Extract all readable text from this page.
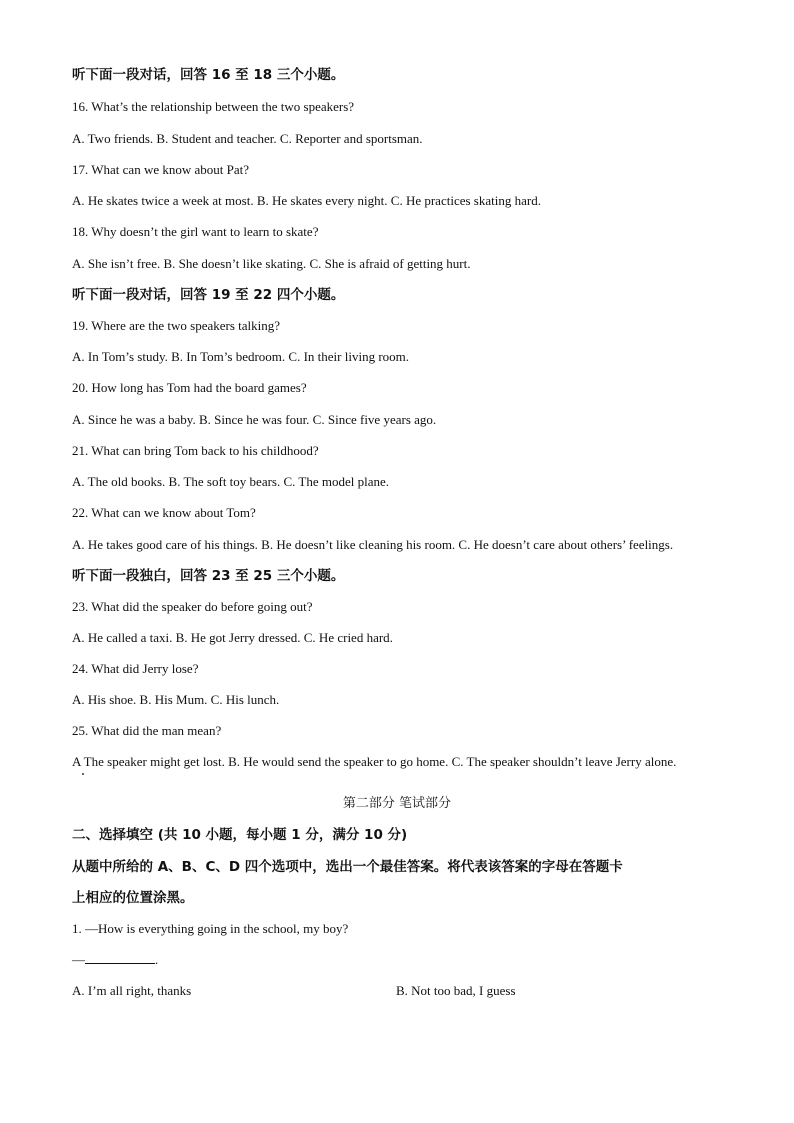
听下面一段对话，回答 16 至 18 三个小题。
16. What’s the relationship between the two speakers?
A. Two friends. B. Student and teacher. C. Reporter and sportsman.
17. What can we know about Pat?
A. He skates twice a week at most. B. He skates every night. C. He practices skating hard.
18. Why doesn’t the girl want to learn to skate?
A. She isn’t free. B. She doesn’t like skating. C. She is afraid of getting hurt.
听下面一段对话，回答 19 至 22 四个小题。
19. Where are the two speakers talking?
A. In Tom’s study. B. In Tom’s bedroom. C. In their living room.
20. How long has Tom had the board games?
A. Since he was a baby. B. Since he was four. C. Since five years ago.
21. What can bring Tom back to his childhood?
A. The old books. B. The soft toy bears. C. The model plane.
22. What can we know about Tom?
A. He takes good care of his things. B. He doesn’t like cleaning his room. C. He doesn’t care about others’ feelings.
听下面一段独白，回答 23 至 25 三个小题。
23. What did the speaker do before going out?
A. He called a taxi. B. He got Jerry dressed. C. He cried hard.
24. What did Jerry lose?
A. His shoe. B. His Mum. C. His lunch.
25. What did the man mean?
A The speaker might get lost. B. He would send the speaker to go home. C. The speaker shouldn’t leave Jerry alone.
第二部分 笔试部分
二、选择填空 (共 10 小题，每小题 1 分，满分 10 分)
从题中所给的 A、B、C、D 四个选项中，选出一个最佳答案。将代表该答案的字母在答题卡
上相应的位置涂黑。
1. —How is everything going in the school, my boy?
—	.
A. I’m all right, thanks	B. Not too bad, I guess
